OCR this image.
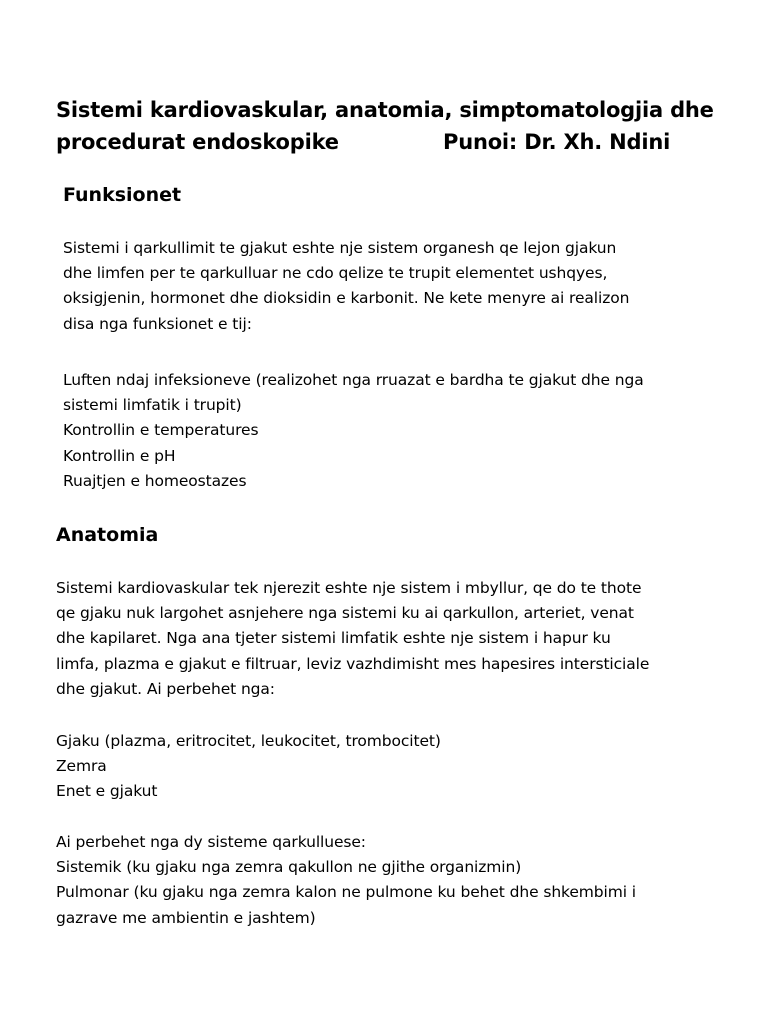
Sistemi kardiovaskular, anatomia, simptomatologjia dhe
procedurat endoskopike	Punoi: Dr. Xh. Ndini
Funksionet
Sistemi i qarkullimit te gjakut eshte nje sistem organesh qe lejon gjakun
dhe limfen per te qarkulluar ne cdo qelize te trupit elementet ushqyes,
oksigjenin, hormonet dhe dioksidin e karbonit. Ne kete menyre ai realizon
disa nga funksionet e tij:
Luften ndaj infeksioneve (realizohet nga rruazat e bardha te gjakut dhe nga
sistemi limfatik i trupit)
Kontrollin e temperatures
Kontrollin e pH
Ruajtjen e homeostazes
Anatomia
Sistemi kardiovaskular tek njerezit eshte nje sistem i mbyllur, qe do te thote
qe gjaku nuk largohet asnjehere nga sistemi ku ai qarkullon, arteriet, venat
dhe kapilaret. Nga ana tjeter sistemi limfatik eshte nje sistem i hapur ku
limfa, plazma e gjakut e filtruar, leviz vazhdimisht mes hapesires intersticiale
dhe gjakut. Ai perbehet nga:
Gjaku (plazma, eritrocitet, leukocitet, trombocitet)
Zemra
Enet e gjakut
Ai perbehet nga dy sisteme qarkulluese:
Sistemik (ku gjaku nga zemra qakullon ne gjithe organizmin)
Pulmonar (ku gjaku nga zemra kalon ne pulmone ku behet dhe shkembimi i
gazrave me ambientin e jashtem)
